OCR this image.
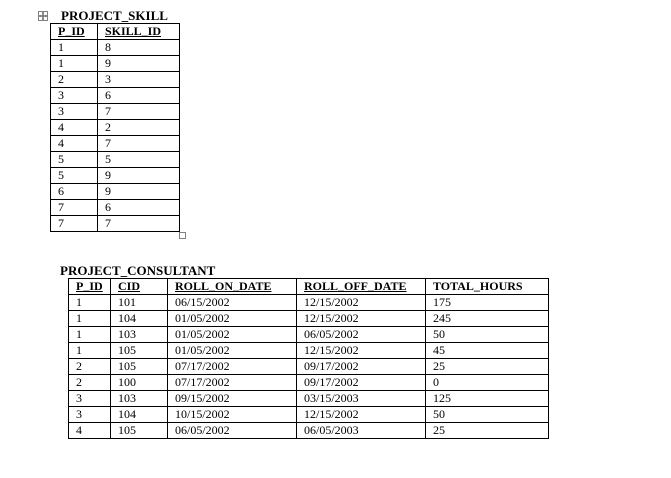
PROJECT_SKILL
P_ID	SKILL_ID
1	8
1	9
2	3
3	6
3	7
4	2
4	7
5	5
5	9
6	9
7	6
7	7
PROJECT_CONSULTANT
P_ID	CID	ROLL_ON_DATE	ROLL_OFF_DATE	TOTAL_HOURS
1	101	06/15/2002	12/15/2002	175
1	104	01/05/2002	12/15/2002	245
1	103	01/05/2002	06/05/2002	50
1	105	01/05/2002	12/15/2002	45
2	105	07/17/2002	09/17/2002	25
2	100	07/17/2002	09/17/2002	0
3	103	09/15/2002	03/15/2003	125
3	104	10/15/2002	12/15/2002	50
4	105	06/05/2002	06/05/2003	25
